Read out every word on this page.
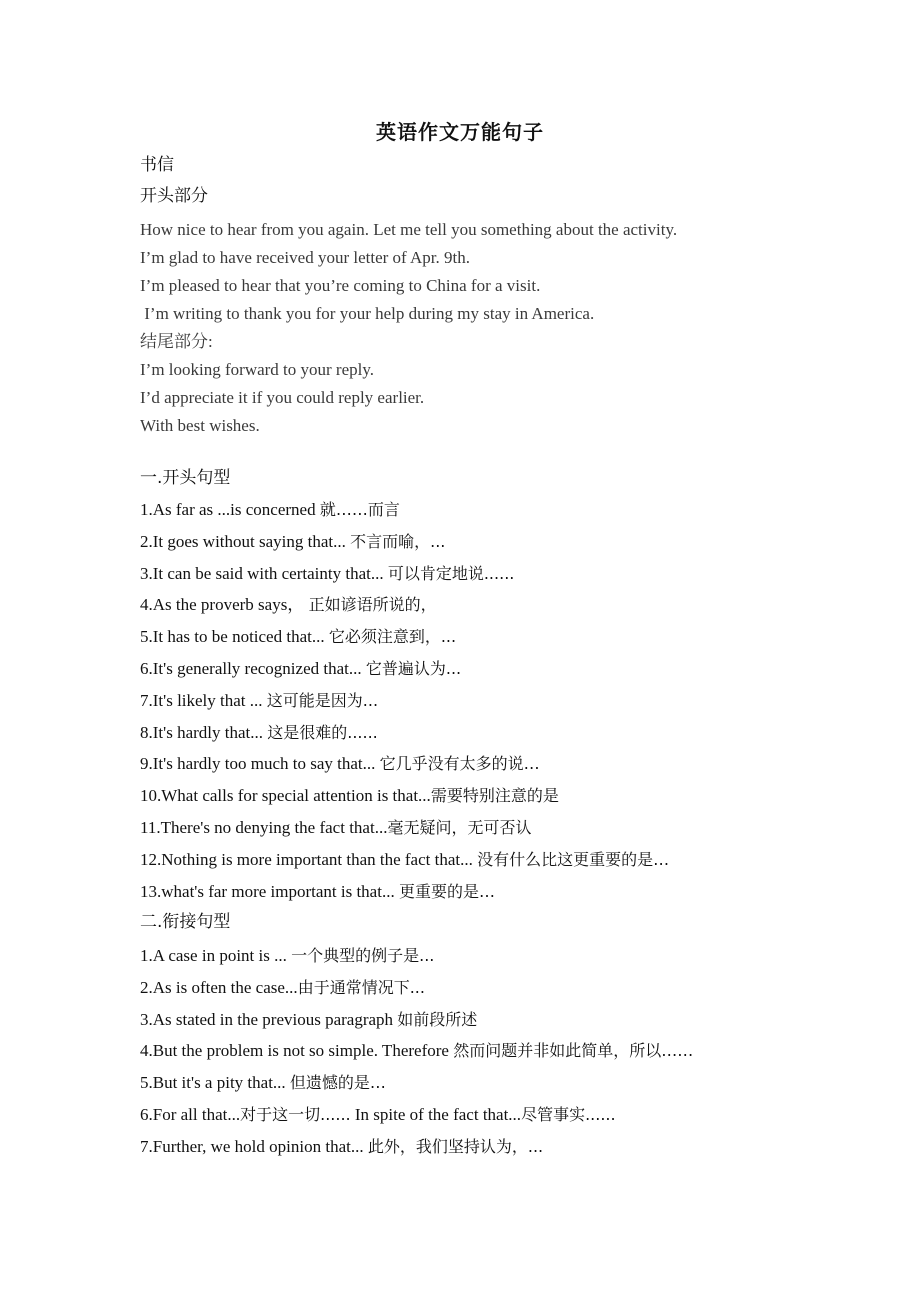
英语作文万能句子
书信
开头部分
How nice to hear from you again. Let me tell you something about the activity.
I’m glad to have received your letter of Apr. 9th.
I’m pleased to hear that you’re coming to China for a visit.
I’m writing to thank you for your help during my stay in America.
结尾部分:
I’m looking forward to your reply.
I’d appreciate it if you could reply earlier.
With best wishes.
一.开头句型
1.As far as ...is concerned 就……而言
2.It goes without saying that... 不言而喻，...
3.It can be said with certainty that... 可以肯定地说......
4.As the proverb says， 正如谚语所说的，
5.It has to be noticed that... 它必须注意到，...
6.It's generally recognized that... 它普遍认为...
7.It's likely that ... 这可能是因为...
8.It's hardly that... 这是很难的......
9.It's hardly too much to say that... 它几乎没有太多的说…
10.What calls for special attention is that...需要特别注意的是
11.There's no denying the fact that...毫无疑问，无可否认
12.Nothing is more important than the fact that... 没有什么比这更重要的是…
13.what's far more important is that... 更重要的是…
二.衔接句型
1.A case in point is ... 一个典型的例子是...
2.As is often the case...由于通常情况下...
3.As stated in the previous paragraph 如前段所述
4.But the problem is not so simple. Therefore 然而问题并非如此简单，所以……
5.But it's a pity that... 但遗憾的是…
6.For all that...对于这一切...... In spite of the fact that...尽管事实......
7.Further, we hold opinion that... 此外，我们坚持认为，...
